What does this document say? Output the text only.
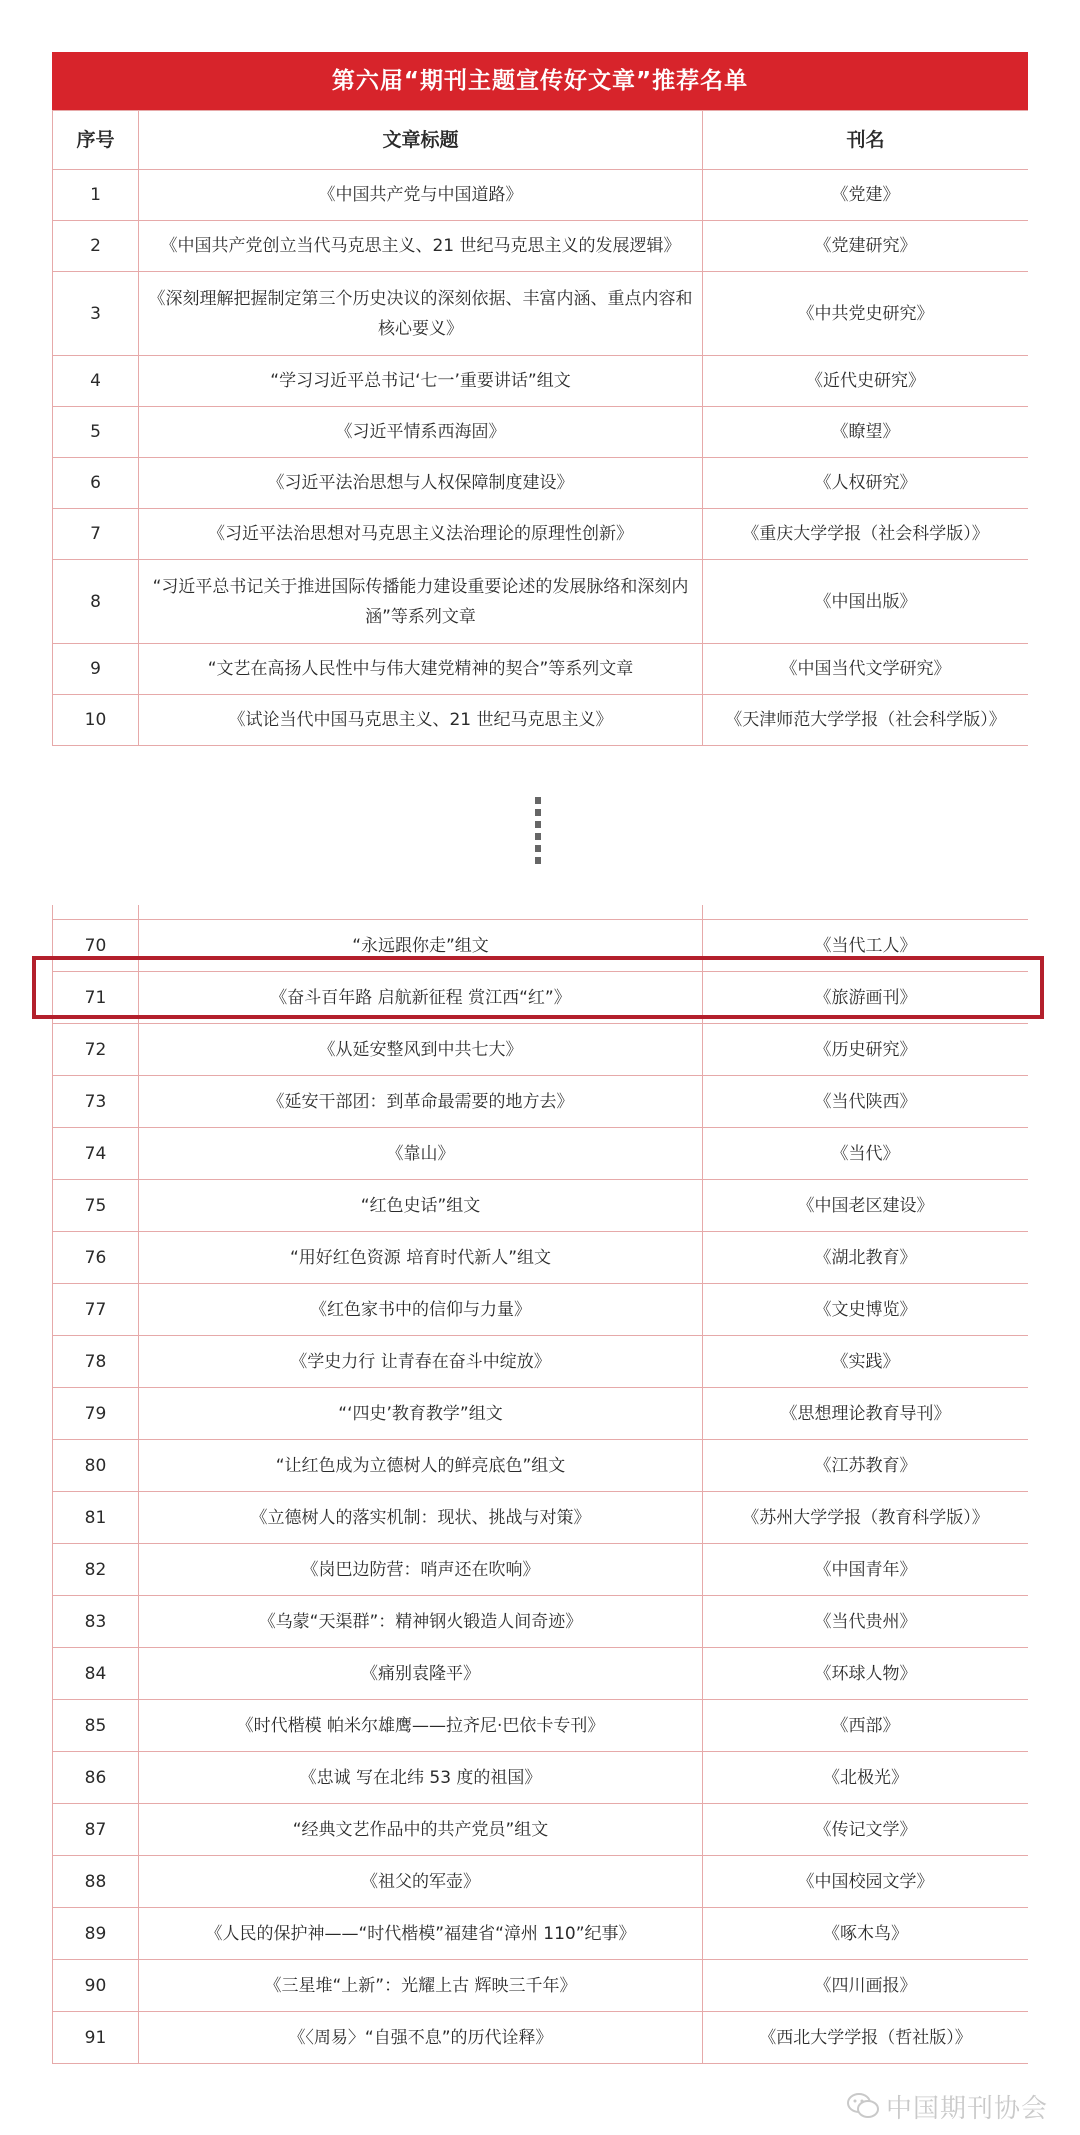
第六届“期刊主题宣传好文章”推荐名单
序号	文章标题	刊名
1	《中国共产党与中国道路》	《党建》
2	《中国共产党创立当代马克思主义、21 世纪马克思主义的发展逻辑》	《党建研究》
3	《深刻理解把握制定第三个历史决议的深刻依据、丰富内涵、重点内容和核心要义》	《中共党史研究》
4	“学习习近平总书记‘七一’重要讲话”组文	《近代史研究》
5	《习近平情系西海固》	《瞭望》
6	《习近平法治思想与人权保障制度建设》	《人权研究》
7	《习近平法治思想对马克思主义法治理论的原理性创新》	《重庆大学学报（社会科学版）》
8	“习近平总书记关于推进国际传播能力建设重要论述的发展脉络和深刻内涵”等系列文章	《中国出版》
9	“文艺在高扬人民性中与伟大建党精神的契合”等系列文章	《中国当代文学研究》
10	《试论当代中国马克思主义、21 世纪马克思主义》	《天津师范大学学报（社会科学版）》

70	“永远跟你走”组文	《当代工人》
71	《奋斗百年路 启航新征程 赏江西“红”》	《旅游画刊》
72	《从延安整风到中共七大》	《历史研究》
73	《延安干部团：到革命最需要的地方去》	《当代陕西》
74	《靠山》	《当代》
75	“红色史话”组文	《中国老区建设》
76	“用好红色资源 培育时代新人”组文	《湖北教育》
77	《红色家书中的信仰与力量》	《文史博览》
78	《学史力行 让青春在奋斗中绽放》	《实践》
79	“‘四史’教育教学”组文	《思想理论教育导刊》
80	“让红色成为立德树人的鲜亮底色”组文	《江苏教育》
81	《立德树人的落实机制：现状、挑战与对策》	《苏州大学学报（教育科学版）》
82	《岗巴边防营：哨声还在吹响》	《中国青年》
83	《乌蒙“天渠群”：精神钢火锻造人间奇迹》	《当代贵州》
84	《痛别袁隆平》	《环球人物》
85	《时代楷模 帕米尔雄鹰——拉齐尼·巴依卡专刊》	《西部》
86	《忠诚 写在北纬 53 度的祖国》	《北极光》
87	“经典文艺作品中的共产党员”组文	《传记文学》
88	《祖父的军壶》	《中国校园文学》
89	《人民的保护神——“时代楷模”福建省“漳州 110”纪事》	《啄木鸟》
90	《三星堆“上新”：光耀上古 辉映三千年》	《四川画报》
91	《〈周易〉“自强不息”的历代诠释》	《西北大学学报（哲社版）》
中国期刊协会
